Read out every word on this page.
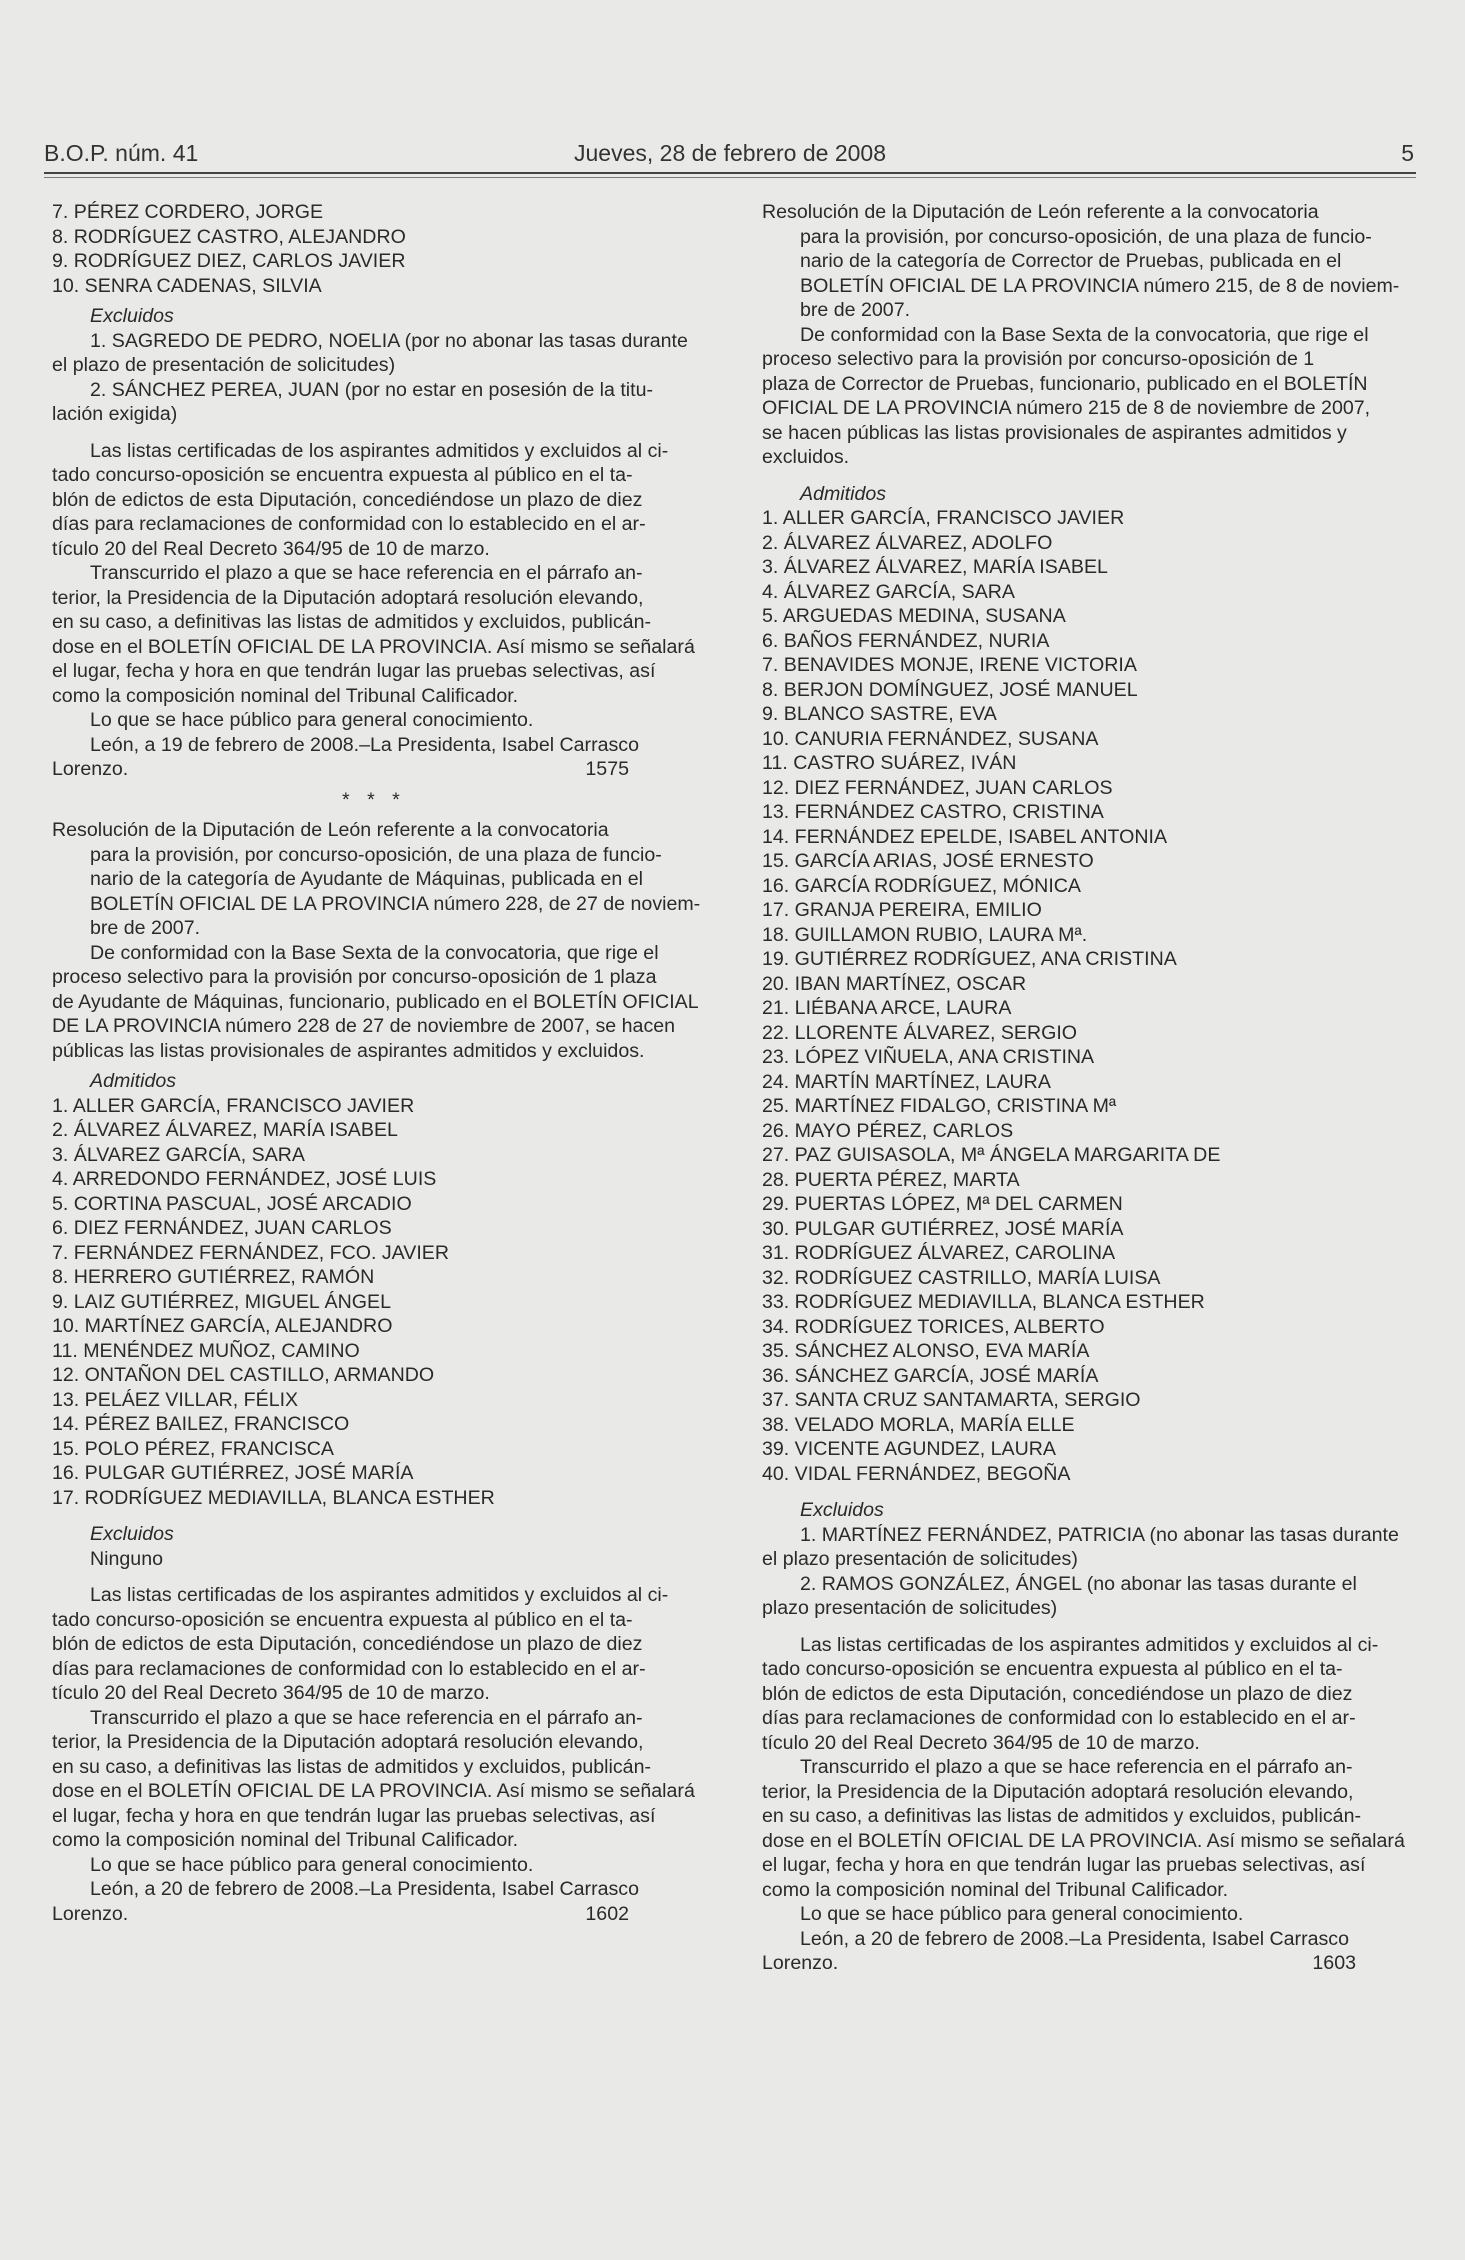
B.O.P. núm. 41	Jueves, 28 de febrero de 2008	5
7. PÉREZ CORDERO, JORGE
8. RODRÍGUEZ CASTRO, ALEJANDRO
9. RODRÍGUEZ DIEZ, CARLOS JAVIER
10. SENRA CADENAS, SILVIA
Excluidos
1. SAGREDO DE PEDRO, NOELIA (por no abonar las tasas durante
el plazo de presentación de solicitudes)
2. SÁNCHEZ PEREA, JUAN (por no estar en posesión de la titu-
lación exigida)
Las listas certificadas de los aspirantes admitidos y excluidos al ci-
tado concurso-oposición se encuentra expuesta al público en el ta-
blón de edictos de esta Diputación, concediéndose un plazo de diez
días para reclamaciones de conformidad con lo establecido en el ar-
tículo 20 del Real Decreto 364/95 de 10 de marzo.
Transcurrido el plazo a que se hace referencia en el párrafo an-
terior, la Presidencia de la Diputación adoptará resolución elevando,
en su caso, a definitivas las listas de admitidos y excluidos, publicán-
dose en el BOLETÍN OFICIAL DE LA PROVINCIA. Así mismo se señalará
el lugar, fecha y hora en que tendrán lugar las pruebas selectivas, así
como la composición nominal del Tribunal Calificador.
Lo que se hace público para general conocimiento.
León, a 19 de febrero de 2008.–La Presidenta, Isabel Carrasco
Lorenzo.	1575
* * *
Resolución de la Diputación de León referente a la convocatoria
para la provisión, por concurso-oposición, de una plaza de funcio-
nario de la categoría de Ayudante de Máquinas, publicada en el
BOLETÍN OFICIAL DE LA PROVINCIA número 228, de 27 de noviem-
bre de 2007.
De conformidad con la Base Sexta de la convocatoria, que rige el
proceso selectivo para la provisión por concurso-oposición de 1 plaza
de Ayudante de Máquinas, funcionario, publicado en el BOLETÍN OFICIAL
DE LA PROVINCIA número 228 de 27 de noviembre de 2007, se hacen
públicas las listas provisionales de aspirantes admitidos y excluidos.
Admitidos
1. ALLER GARCÍA, FRANCISCO JAVIER
2. ÁLVAREZ ÁLVAREZ, MARÍA ISABEL
3. ÁLVAREZ GARCÍA, SARA
4. ARREDONDO FERNÁNDEZ, JOSÉ LUIS
5. CORTINA PASCUAL, JOSÉ ARCADIO
6. DIEZ FERNÁNDEZ, JUAN CARLOS
7. FERNÁNDEZ FERNÁNDEZ, FCO. JAVIER
8. HERRERO GUTIÉRREZ, RAMÓN
9. LAIZ GUTIÉRREZ, MIGUEL ÁNGEL
10. MARTÍNEZ GARCÍA, ALEJANDRO
11. MENÉNDEZ MUÑOZ, CAMINO
12. ONTAÑON DEL CASTILLO, ARMANDO
13. PELÁEZ VILLAR, FÉLIX
14. PÉREZ BAILEZ, FRANCISCO
15. POLO PÉREZ, FRANCISCA
16. PULGAR GUTIÉRREZ, JOSÉ MARÍA
17. RODRÍGUEZ MEDIAVILLA, BLANCA ESTHER
Excluidos
Ninguno
Las listas certificadas de los aspirantes admitidos y excluidos al ci-
tado concurso-oposición se encuentra expuesta al público en el ta-
blón de edictos de esta Diputación, concediéndose un plazo de diez
días para reclamaciones de conformidad con lo establecido en el ar-
tículo 20 del Real Decreto 364/95 de 10 de marzo.
Transcurrido el plazo a que se hace referencia en el párrafo an-
terior, la Presidencia de la Diputación adoptará resolución elevando,
en su caso, a definitivas las listas de admitidos y excluidos, publicán-
dose en el BOLETÍN OFICIAL DE LA PROVINCIA. Así mismo se señalará
el lugar, fecha y hora en que tendrán lugar las pruebas selectivas, así
como la composición nominal del Tribunal Calificador.
Lo que se hace público para general conocimiento.
León, a 20 de febrero de 2008.–La Presidenta, Isabel Carrasco
Lorenzo.	1602
Resolución de la Diputación de León referente a la convocatoria
para la provisión, por concurso-oposición, de una plaza de funcio-
nario de la categoría de Corrector de Pruebas, publicada en el
BOLETÍN OFICIAL DE LA PROVINCIA número 215, de 8 de noviem-
bre de 2007.
De conformidad con la Base Sexta de la convocatoria, que rige el
proceso selectivo para la provisión por concurso-oposición de 1
plaza de Corrector de Pruebas, funcionario, publicado en el BOLETÍN
OFICIAL DE LA PROVINCIA número 215 de 8 de noviembre de 2007,
se hacen públicas las listas provisionales de aspirantes admitidos y
excluidos.
Admitidos
1. ALLER GARCÍA, FRANCISCO JAVIER
2. ÁLVAREZ ÁLVAREZ, ADOLFO
3. ÁLVAREZ ÁLVAREZ, MARÍA ISABEL
4. ÁLVAREZ GARCÍA, SARA
5. ARGUEDAS MEDINA, SUSANA
6. BAÑOS FERNÁNDEZ, NURIA
7. BENAVIDES MONJE, IRENE VICTORIA
8. BERJON DOMÍNGUEZ, JOSÉ MANUEL
9. BLANCO SASTRE, EVA
10. CANURIA FERNÁNDEZ, SUSANA
11. CASTRO SUÁREZ, IVÁN
12. DIEZ FERNÁNDEZ, JUAN CARLOS
13. FERNÁNDEZ CASTRO, CRISTINA
14. FERNÁNDEZ EPELDE, ISABEL ANTONIA
15. GARCÍA ARIAS, JOSÉ ERNESTO
16. GARCÍA RODRÍGUEZ, MÓNICA
17. GRANJA PEREIRA, EMILIO
18. GUILLAMON RUBIO, LAURA Mª.
19. GUTIÉRREZ RODRÍGUEZ, ANA CRISTINA
20. IBAN MARTÍNEZ, OSCAR
21. LIÉBANA ARCE, LAURA
22. LLORENTE ÁLVAREZ, SERGIO
23. LÓPEZ VIÑUELA, ANA CRISTINA
24. MARTÍN MARTÍNEZ, LAURA
25. MARTÍNEZ FIDALGO, CRISTINA Mª
26. MAYO PÉREZ, CARLOS
27. PAZ GUISASOLA, Mª ÁNGELA MARGARITA DE
28. PUERTA PÉREZ, MARTA
29. PUERTAS LÓPEZ, Mª DEL CARMEN
30. PULGAR GUTIÉRREZ, JOSÉ MARÍA
31. RODRÍGUEZ ÁLVAREZ, CAROLINA
32. RODRÍGUEZ CASTRILLO, MARÍA LUISA
33. RODRÍGUEZ MEDIAVILLA, BLANCA ESTHER
34. RODRÍGUEZ TORICES, ALBERTO
35. SÁNCHEZ ALONSO, EVA MARÍA
36. SÁNCHEZ GARCÍA, JOSÉ MARÍA
37. SANTA CRUZ SANTAMARTA, SERGIO
38. VELADO MORLA, MARÍA ELLE
39. VICENTE AGUNDEZ, LAURA
40. VIDAL FERNÁNDEZ, BEGOÑA
Excluidos
1. MARTÍNEZ FERNÁNDEZ, PATRICIA (no abonar las tasas durante
el plazo presentación de solicitudes)
2. RAMOS GONZÁLEZ, ÁNGEL (no abonar las tasas durante el
plazo presentación de solicitudes)
Las listas certificadas de los aspirantes admitidos y excluidos al ci-
tado concurso-oposición se encuentra expuesta al público en el ta-
blón de edictos de esta Diputación, concediéndose un plazo de diez
días para reclamaciones de conformidad con lo establecido en el ar-
tículo 20 del Real Decreto 364/95 de 10 de marzo.
Transcurrido el plazo a que se hace referencia en el párrafo an-
terior, la Presidencia de la Diputación adoptará resolución elevando,
en su caso, a definitivas las listas de admitidos y excluidos, publicán-
dose en el BOLETÍN OFICIAL DE LA PROVINCIA. Así mismo se señalará
el lugar, fecha y hora en que tendrán lugar las pruebas selectivas, así
como la composición nominal del Tribunal Calificador.
Lo que se hace público para general conocimiento.
León, a 20 de febrero de 2008.–La Presidenta, Isabel Carrasco
Lorenzo.	1603
